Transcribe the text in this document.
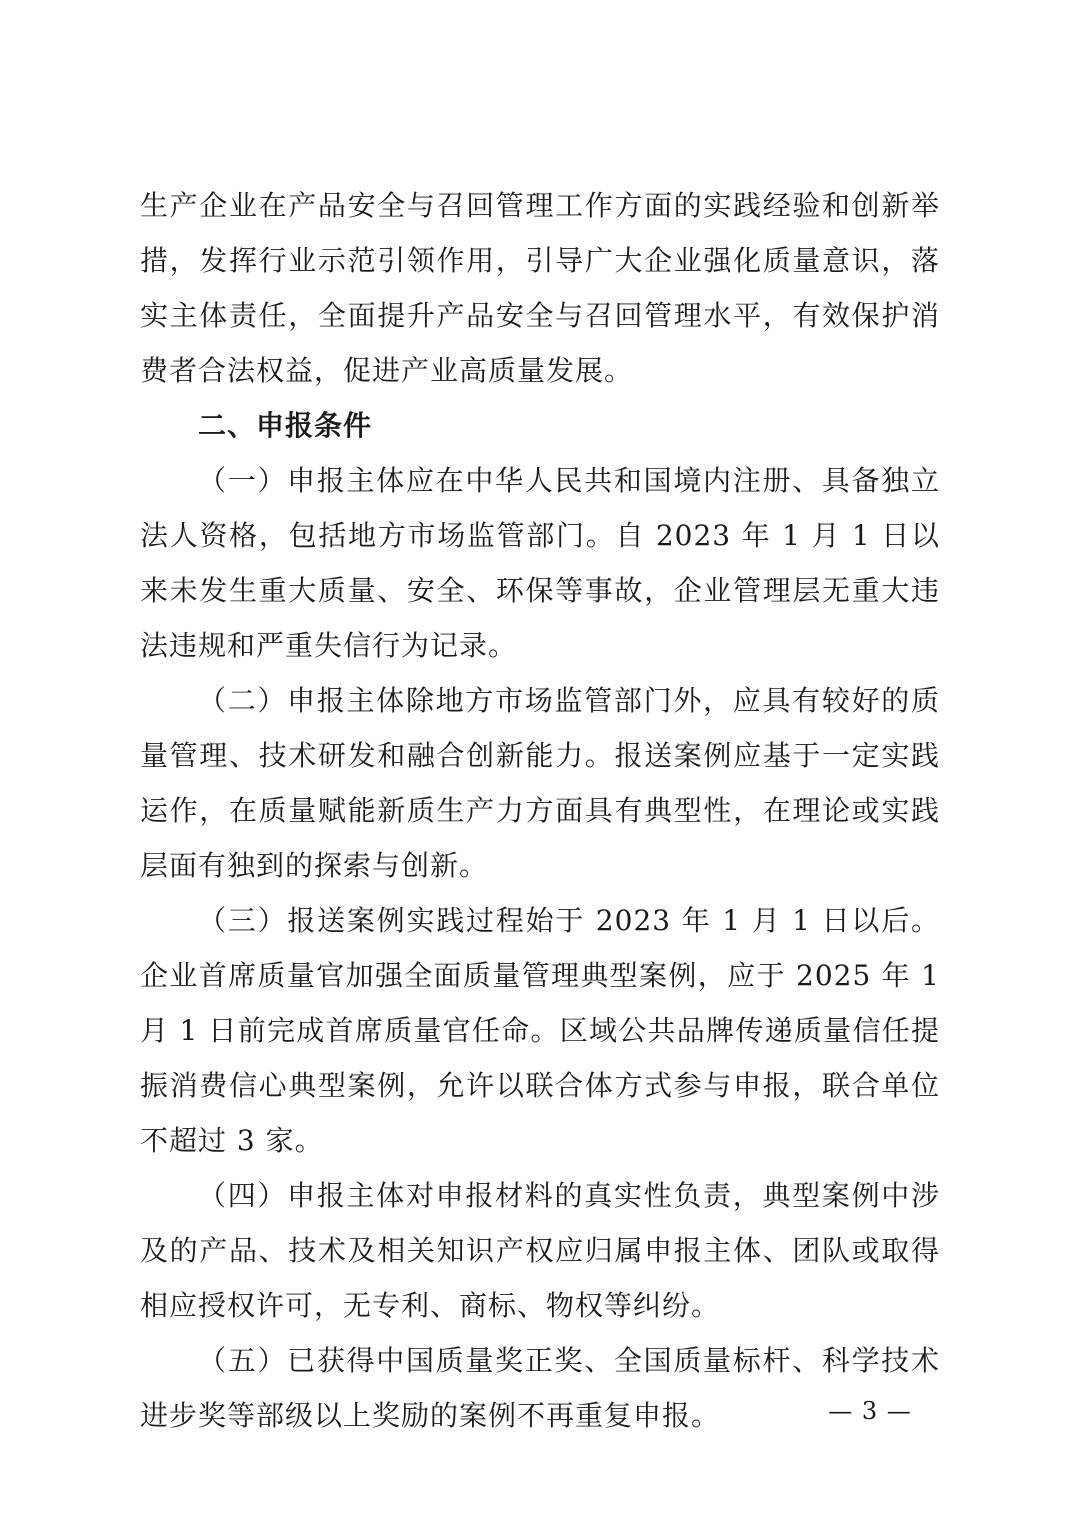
生产企业在产品安全与召回管理工作方面的实践经验和创新举措，发挥行业示范引领作用，引导广大企业强化质量意识，落实主体责任，全面提升产品安全与召回管理水平，有效保护消费者合法权益，促进产业高质量发展。

二、申报条件

（一）申报主体应在中华人民共和国境内注册、具备独立法人资格，包括地方市场监管部门。自 2023 年 1 月 1 日以来未发生重大质量、安全、环保等事故，企业管理层无重大违法违规和严重失信行为记录。

（二）申报主体除地方市场监管部门外，应具有较好的质量管理、技术研发和融合创新能力。报送案例应基于一定实践运作，在质量赋能新质生产力方面具有典型性，在理论或实践层面有独到的探索与创新。

（三）报送案例实践过程始于 2023 年 1 月 1 日以后。企业首席质量官加强全面质量管理典型案例，应于 2025 年 1 月 1 日前完成首席质量官任命。区域公共品牌传递质量信任提振消费信心典型案例，允许以联合体方式参与申报，联合单位不超过 3 家。

（四）申报主体对申报材料的真实性负责，典型案例中涉及的产品、技术及相关知识产权应归属申报主体、团队或取得相应授权许可，无专利、商标、物权等纠纷。

（五）已获得中国质量奖正奖、全国质量标杆、科学技术进步奖等部级以上奖励的案例不再重复申报。	— 3 —
